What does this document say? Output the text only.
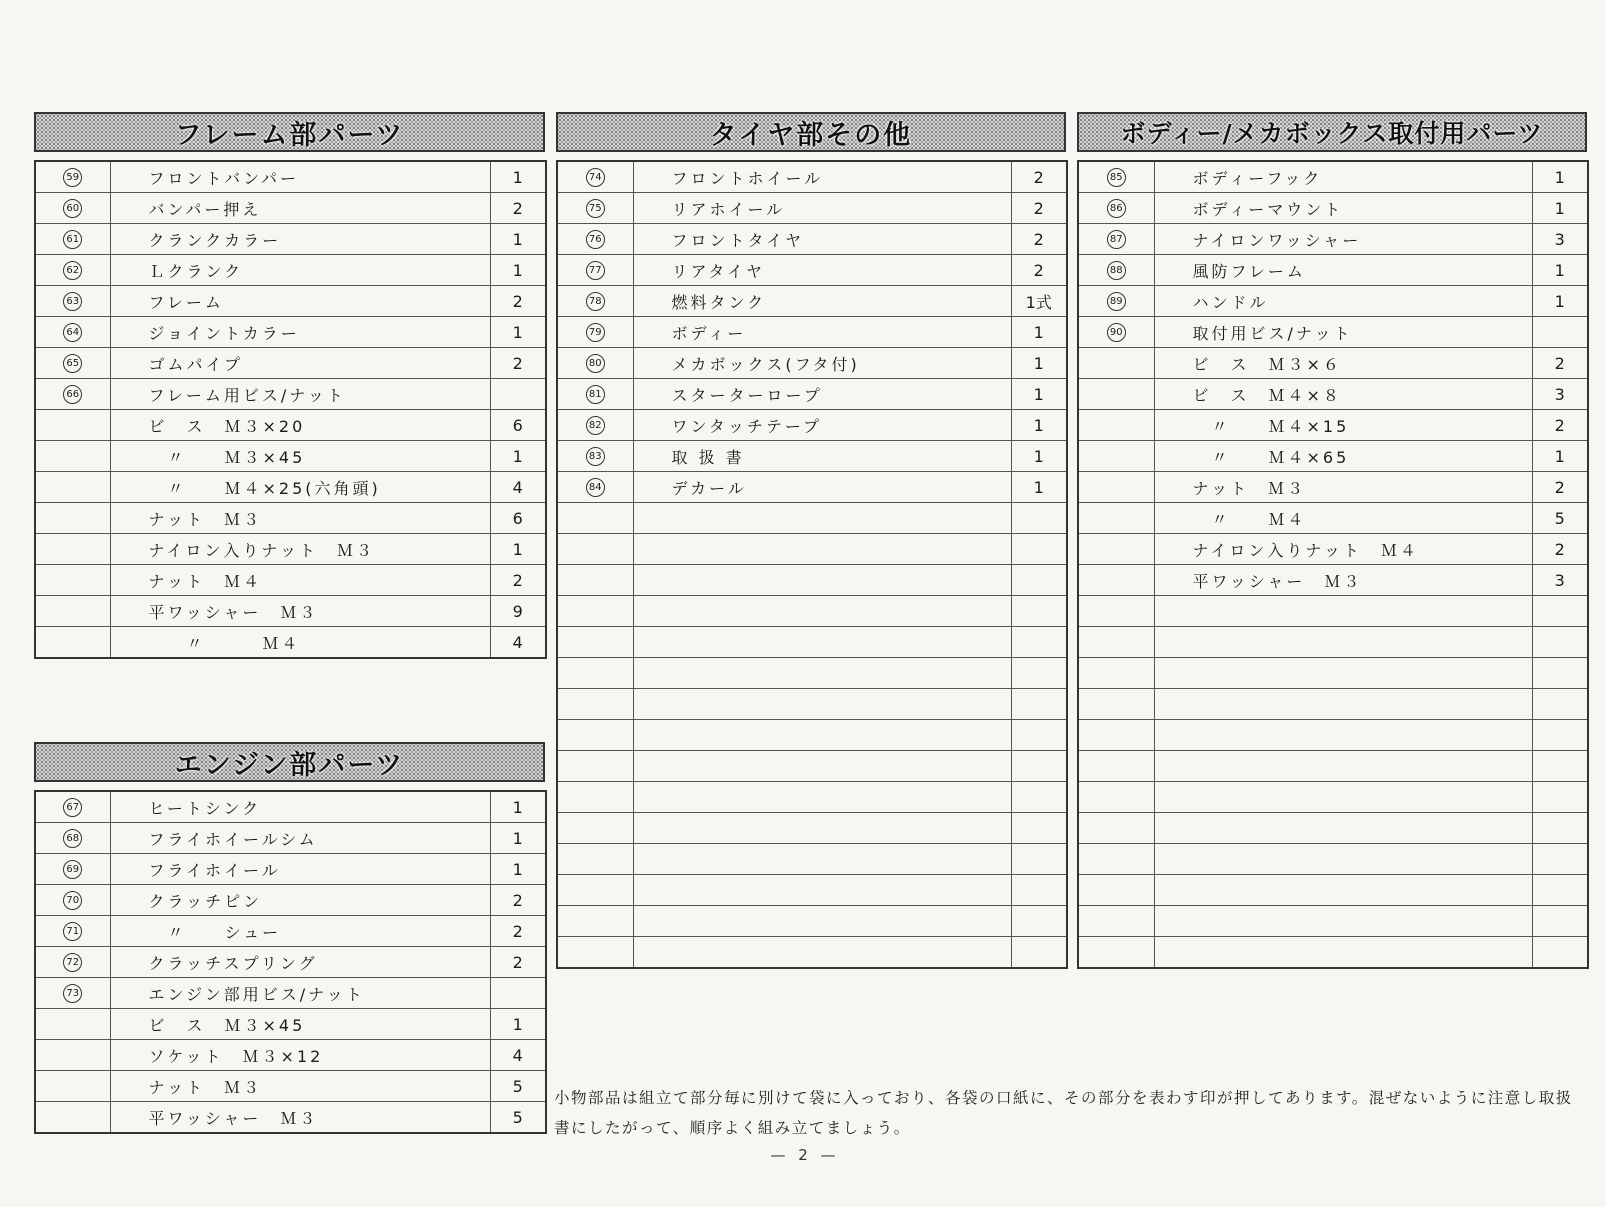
フレーム部パーツ
59	フロントバンパー	1
60	バンパー押え	2
61	クランクカラー	1
62	Ｌクランク	1
63	フレーム	2
64	ジョイントカラー	1
65	ゴムパイプ	2
66	フレーム用ビス/ナット	
	ビ　ス　Ｍ３×20	6
	　〃　　Ｍ３×45	1
	　〃　　Ｍ４×25(六角頭)	4
	ナット　Ｍ３	6
	ナイロン入りナット　Ｍ３	1
	ナット　Ｍ４	2
	平ワッシャー　Ｍ３	9
	　　〃　　　Ｍ４	4
エンジン部パーツ
67	ヒートシンク	1
68	フライホイールシム	1
69	フライホイール	1
70	クラッチピン	2
71	　〃　　シュー	2
72	クラッチスプリング	2
73	エンジン部用ビス/ナット	
	ビ　ス　Ｍ３×45	1
	ソケット　Ｍ３×12	4
	ナット　Ｍ３	5
	平ワッシャー　Ｍ３	5
タイヤ部その他
74	フロントホイール	2
75	リアホイール	2
76	フロントタイヤ	2
77	リアタイヤ	2
78	燃料タンク	1式
79	ボディー	1
80	メカボックス(フタ付)	1
81	スターターロープ	1
82	ワンタッチテープ	1
83	取 扱 書	1
84	デカール	1

ボディー/メカボックス取付用パーツ
85	ボディーフック	1
86	ボディーマウント	1
87	ナイロンワッシャー	3
88	風防フレーム	1
89	ハンドル	1
90	取付用ビス/ナット	
	ビ　ス　Ｍ３×６	2
	ビ　ス　Ｍ４×８	3
	　〃　　Ｍ４×15	2
	　〃　　Ｍ４×65	1
	ナット　Ｍ３	2
	　〃　　Ｍ４	5
	ナイロン入りナット　Ｍ４	2
	平ワッシャー　Ｍ３	3

小物部品は組立て部分毎に別けて袋に入っており、各袋の口紙に、その部分を表わす印が押してあります。混ぜないように注意し取扱書にしたがって、順序よく組み立てましょう。
— 2 —
